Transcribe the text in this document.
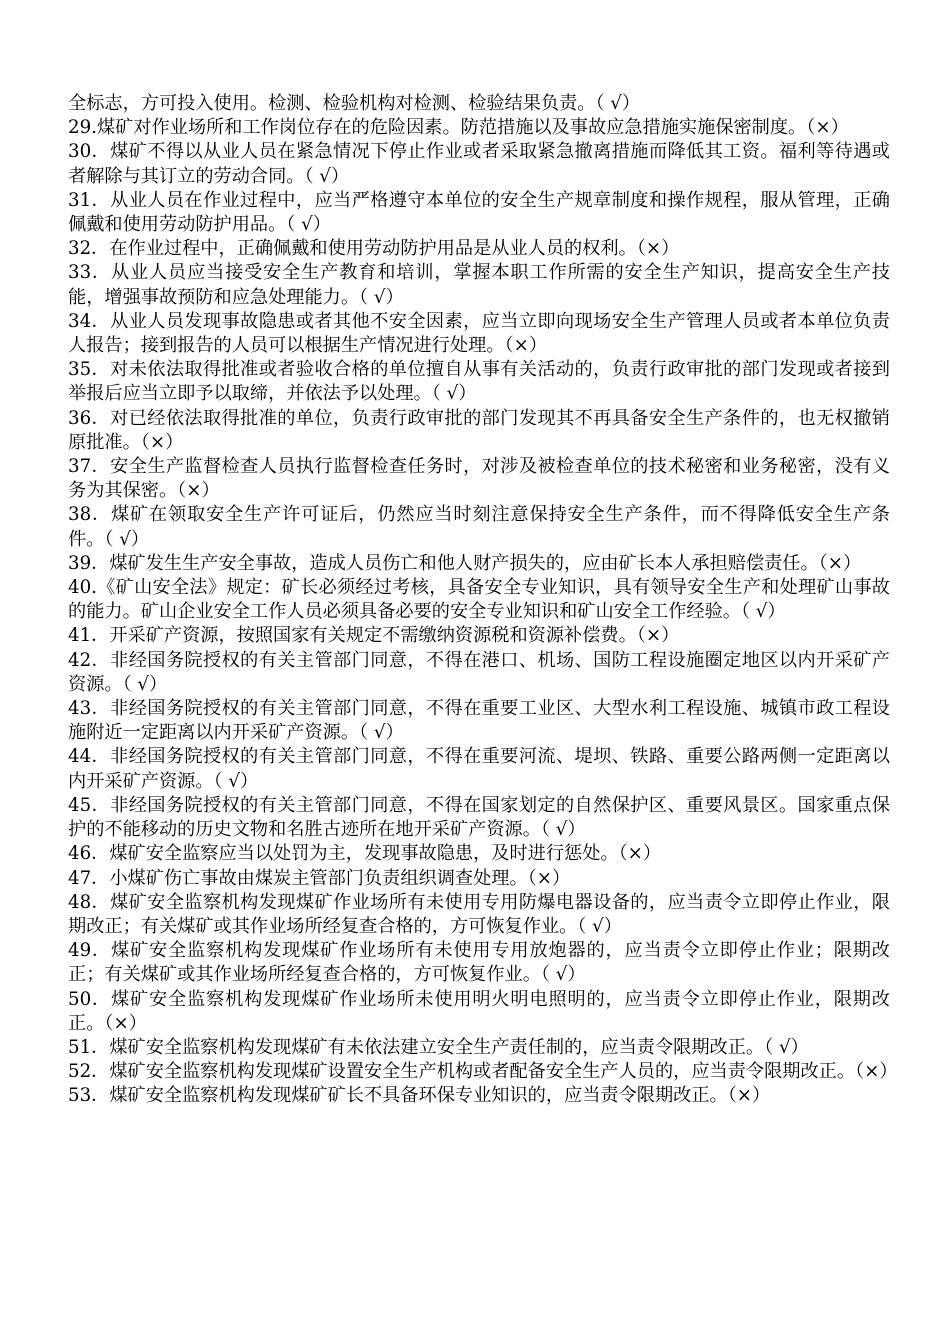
全标志，方可投入使用。检测、检验机构对检测、检验结果负责。（ √）

29.煤矿对作业场所和工作岗位存在的危险因素。防范措施以及事故应急措施实施保密制度。（×）

30．煤矿不得以从业人员在紧急情况下停止作业或者采取紧急撤离措施而降低其工资。福利等待遇或者解除与其订立的劳动合同。（ √）

31．从业人员在作业过程中，应当严格遵守本单位的安全生产规章制度和操作规程，服从管理，正确佩戴和使用劳动防护用品。（ √）

32．在作业过程中，正确佩戴和使用劳动防护用品是从业人员的权利。（×）

33．从业人员应当接受安全生产教育和培训，掌握本职工作所需的安全生产知识，提高安全生产技能，增强事故预防和应急处理能力。（ √）

34．从业人员发现事故隐患或者其他不安全因素，应当立即向现场安全生产管理人员或者本单位负责人报告；接到报告的人员可以根据生产情况进行处理。（×）

35．对未依法取得批准或者验收合格的单位擅自从事有关活动的，负责行政审批的部门发现或者接到举报后应当立即予以取缔，并依法予以处理。（ √）

36．对已经依法取得批准的单位，负责行政审批的部门发现其不再具备安全生产条件的，也无权撤销原批准。（×）

37．安全生产监督检查人员执行监督检查任务时，对涉及被检查单位的技术秘密和业务秘密，没有义务为其保密。（×）

38．煤矿在领取安全生产许可证后，仍然应当时刻注意保持安全生产条件，而不得降低安全生产条件。（ √）

39．煤矿发生生产安全事故，造成人员伤亡和他人财产损失的，应由矿长本人承担赔偿责任。（×）

40.《矿山安全法》规定：矿长必须经过考核，具备安全专业知识，具有领导安全生产和处理矿山事故的能力。矿山企业安全工作人员必须具备必要的安全专业知识和矿山安全工作经验。（ √）

41．开采矿产资源，按照国家有关规定不需缴纳资源税和资源补偿费。（×）

42．非经国务院授权的有关主管部门同意，不得在港口、机场、国防工程设施圈定地区以内开采矿产资源。（ √）

43．非经国务院授权的有关主管部门同意，不得在重要工业区、大型水利工程设施、城镇市政工程设施附近一定距离以内开采矿产资源。（ √）

44．非经国务院授权的有关主管部门同意，不得在重要河流、堤坝、铁路、重要公路两侧一定距离以内开采矿产资源。（ √）

45．非经国务院授权的有关主管部门同意，不得在国家划定的自然保护区、重要风景区。国家重点保护的不能移动的历史文物和名胜古迹所在地开采矿产资源。（ √）

46．煤矿安全监察应当以处罚为主，发现事故隐患，及时进行惩处。（×）

47．小煤矿伤亡事故由煤炭主管部门负责组织调查处理。（×）

48．煤矿安全监察机构发现煤矿作业场所有未使用专用防爆电器设备的，应当责令立即停止作业，限期改正；有关煤矿或其作业场所经复查合格的，方可恢复作业。（ √）

49．煤矿安全监察机构发现煤矿作业场所有未使用专用放炮器的，应当责令立即停止作业；限期改正；有关煤矿或其作业场所经复查合格的，方可恢复作业。（ √）

50．煤矿安全监察机构发现煤矿作业场所未使用明火明电照明的，应当责令立即停止作业，限期改正。（×）

51．煤矿安全监察机构发现煤矿有未依法建立安全生产责任制的，应当责令限期改正。（ √）

52．煤矿安全监察机构发现煤矿设置安全生产机构或者配备安全生产人员的，应当责令限期改正。（×）

53．煤矿安全监察机构发现煤矿矿长不具备环保专业知识的，应当责令限期改正。（×）
